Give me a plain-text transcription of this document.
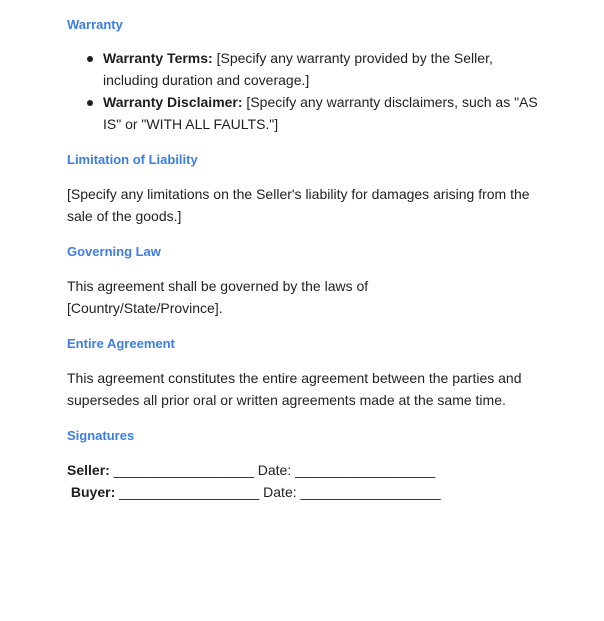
Warranty

Warranty Terms: [Specify any warranty provided by the Seller, including duration and coverage.]
Warranty Disclaimer: [Specify any warranty disclaimers, such as "AS IS" or "WITH ALL FAULTS."]

Limitation of Liability

[Specify any limitations on the Seller's liability for damages arising from the sale of the goods.]

Governing Law

This agreement shall be governed by the laws of [Country/State/Province].

Entire Agreement

This agreement constitutes the entire agreement between the parties and supersedes all prior oral or written agreements made at the same time.

Signatures

Seller: __________________ Date: __________________

Buyer: __________________ Date: __________________
